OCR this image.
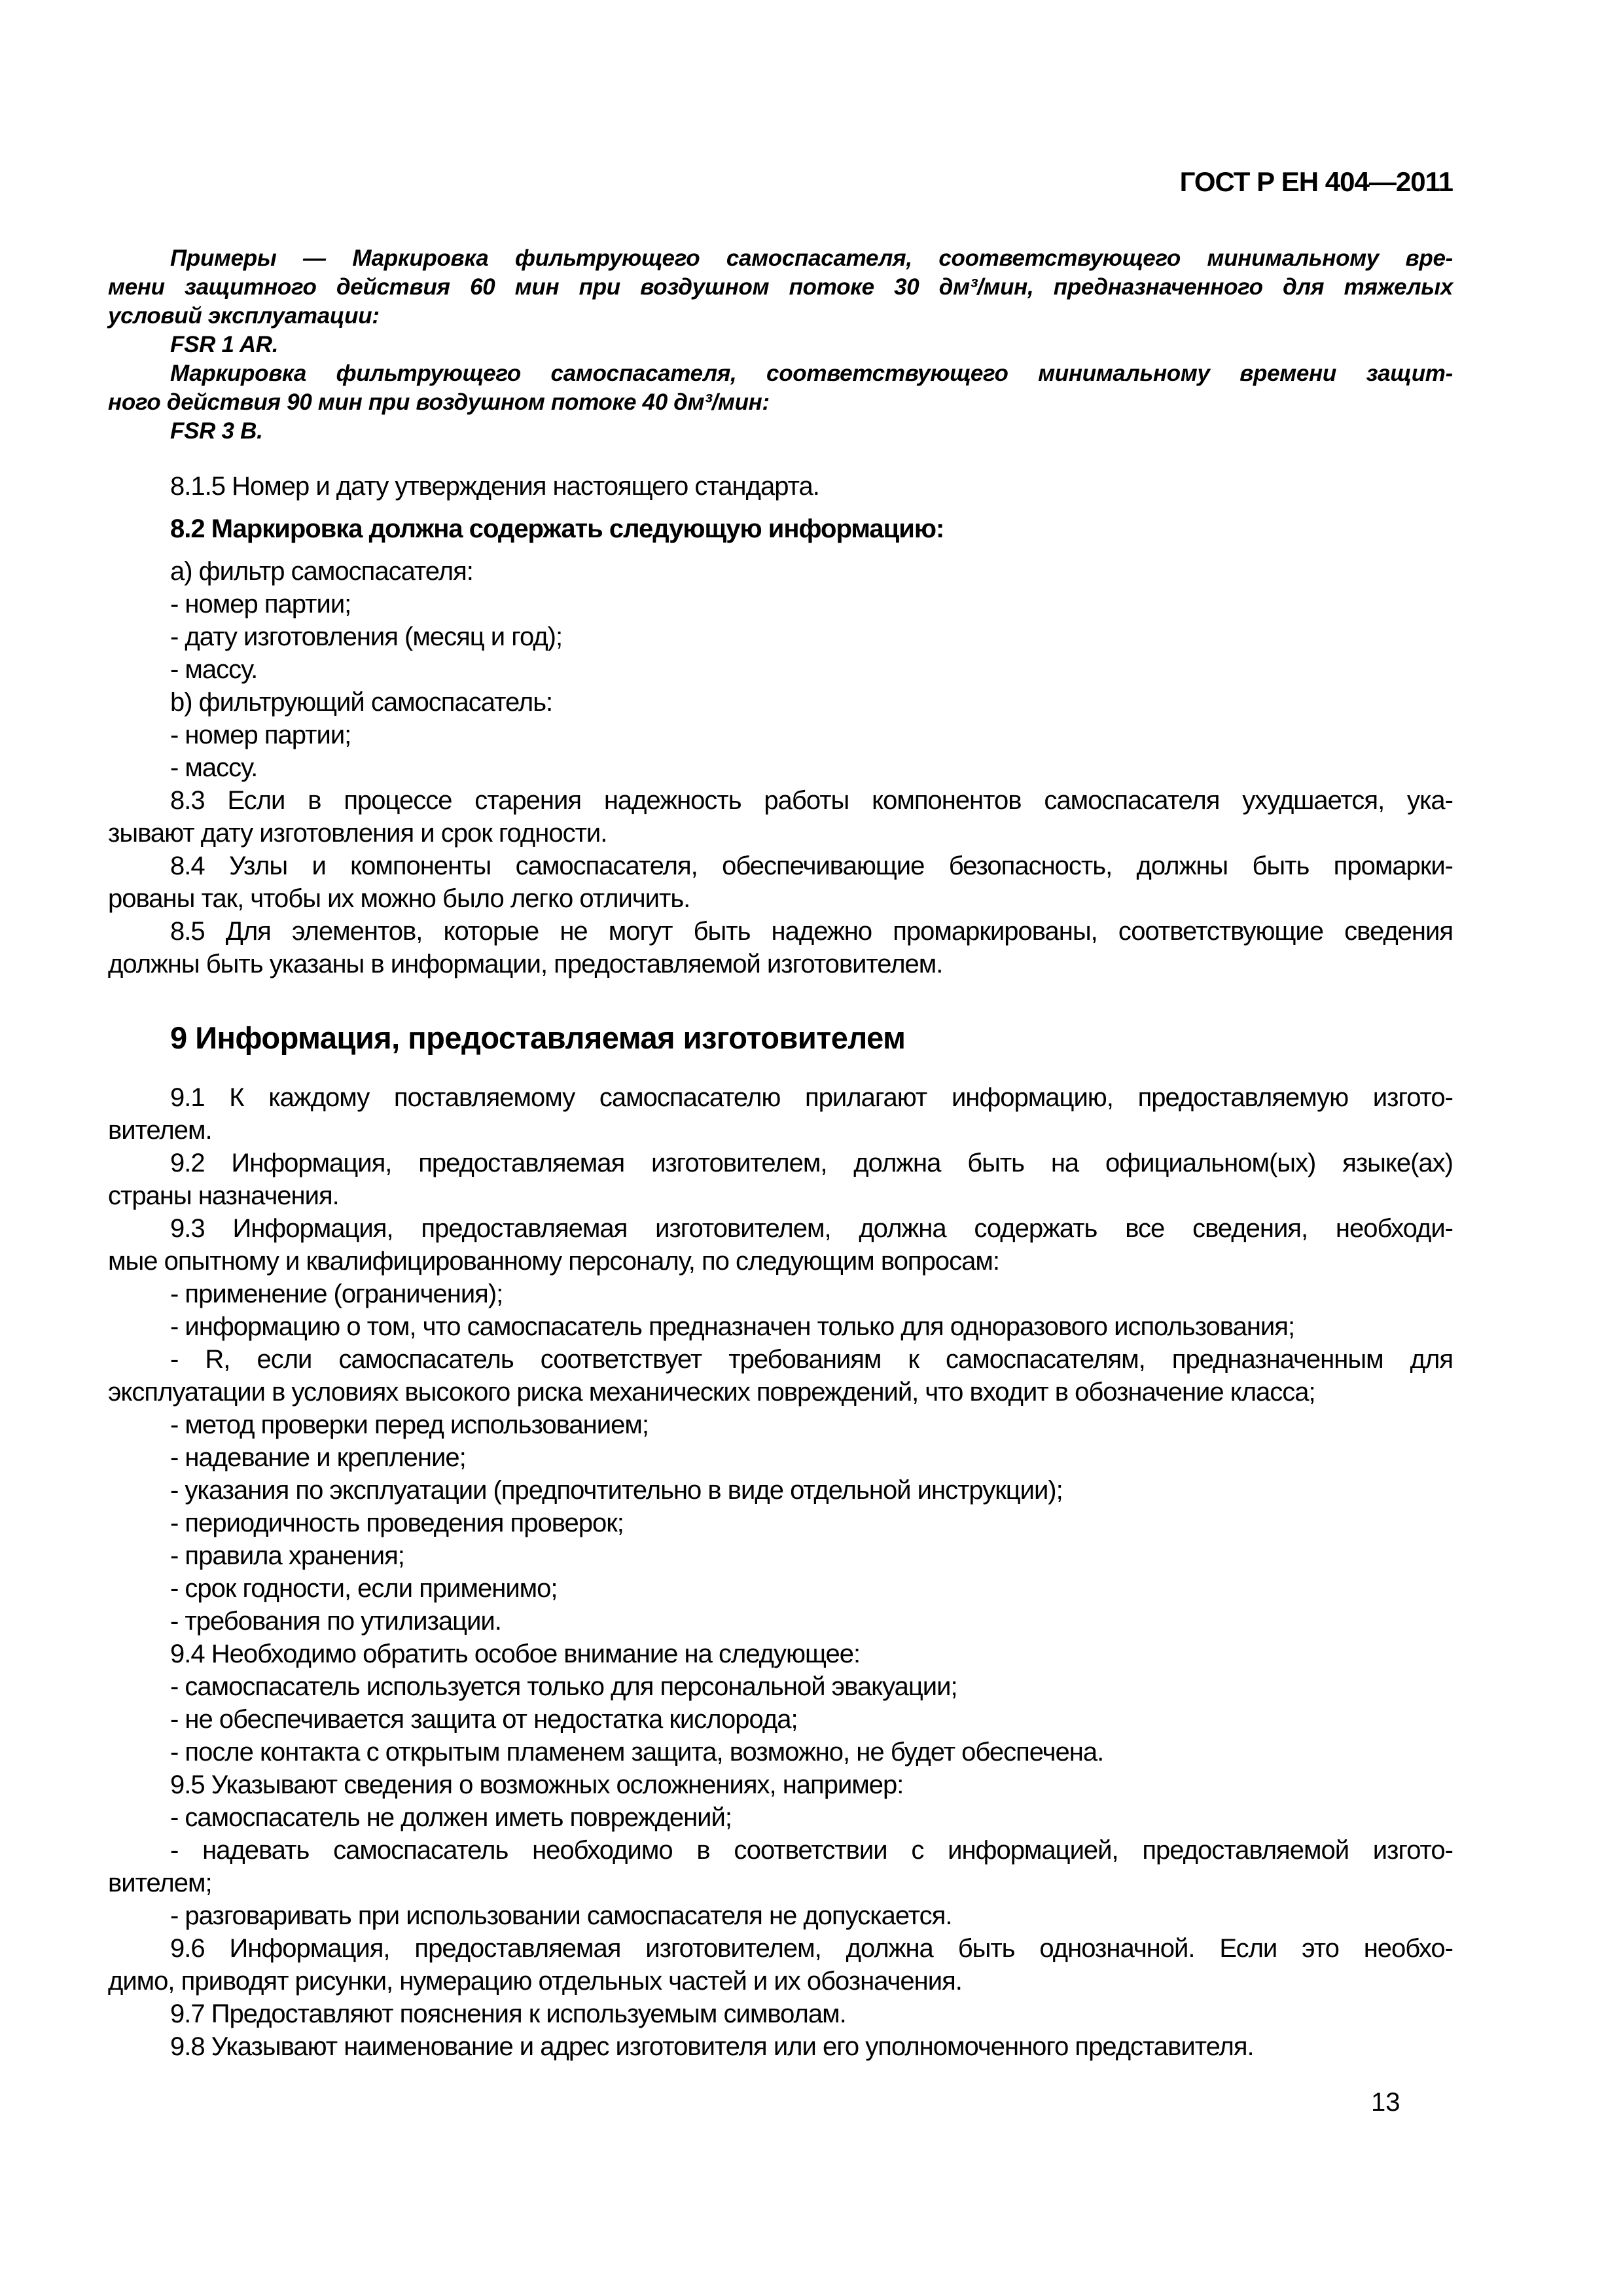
ГОСТ Р ЕН 404—2011
Примеры — Маркировка фильтрующего самоспасателя, соответствующего минимальному вре-
мени защитного действия 60 мин при воздушном потоке 30 дм³/мин, предназначенного для тяжелых
условий эксплуатации:
FSR 1 AR.
Маркировка фильтрующего самоспасателя, соответствующего минимальному времени защит-
ного действия 90 мин при воздушном потоке 40 дм³/мин:
FSR 3 В.
8.1.5 Номер и дату утверждения настоящего стандарта.
8.2 Маркировка должна содержать следующую информацию:
a) фильтр самоспасателя:
- номер партии;
- дату изготовления (месяц и год);
- массу.
b) фильтрующий самоспасатель:
- номер партии;
- массу.
8.3 Если в процессе старения надежность работы компонентов самоспасателя ухудшается, ука-
зывают дату изготовления и срок годности.
8.4 Узлы и компоненты самоспасателя, обеспечивающие безопасность, должны быть промарки-
рованы так, чтобы их можно было легко отличить.
8.5 Для элементов, которые не могут быть надежно промаркированы, соответствующие сведения
должны быть указаны в информации, предоставляемой изготовителем.
9 Информация, предоставляемая изготовителем
9.1 К каждому поставляемому самоспасателю прилагают информацию, предоставляемую изгото-
вителем.
9.2 Информация, предоставляемая изготовителем, должна быть на официальном(ых) языке(ах)
страны назначения.
9.3 Информация, предоставляемая изготовителем, должна содержать все сведения, необходи-
мые опытному и квалифицированному персоналу, по следующим вопросам:
- применение (ограничения);
- информацию о том, что самоспасатель предназначен только для одноразового использования;
- R, если самоспасатель соответствует требованиям к самоспасателям, предназначенным для
эксплуатации в условиях высокого риска механических повреждений, что входит в обозначение класса;
- метод проверки перед использованием;
- надевание и крепление;
- указания по эксплуатации (предпочтительно в виде отдельной инструкции);
- периодичность проведения проверок;
- правила хранения;
- срок годности, если применимо;
- требования по утилизации.
9.4 Необходимо обратить особое внимание на следующее:
- самоспасатель используется только для персональной эвакуации;
- не обеспечивается защита от недостатка кислорода;
- после контакта с открытым пламенем защита, возможно, не будет обеспечена.
9.5 Указывают сведения о возможных осложнениях, например:
- самоспасатель не должен иметь повреждений;
- надевать самоспасатель необходимо в соответствии с информацией, предоставляемой изгото-
вителем;
- разговаривать при использовании самоспасателя не допускается.
9.6 Информация, предоставляемая изготовителем, должна быть однозначной. Если это необхо-
димо, приводят рисунки, нумерацию отдельных частей и их обозначения.
9.7 Предоставляют пояснения к используемым символам.
9.8 Указывают наименование и адрес изготовителя или его уполномоченного представителя.
13
